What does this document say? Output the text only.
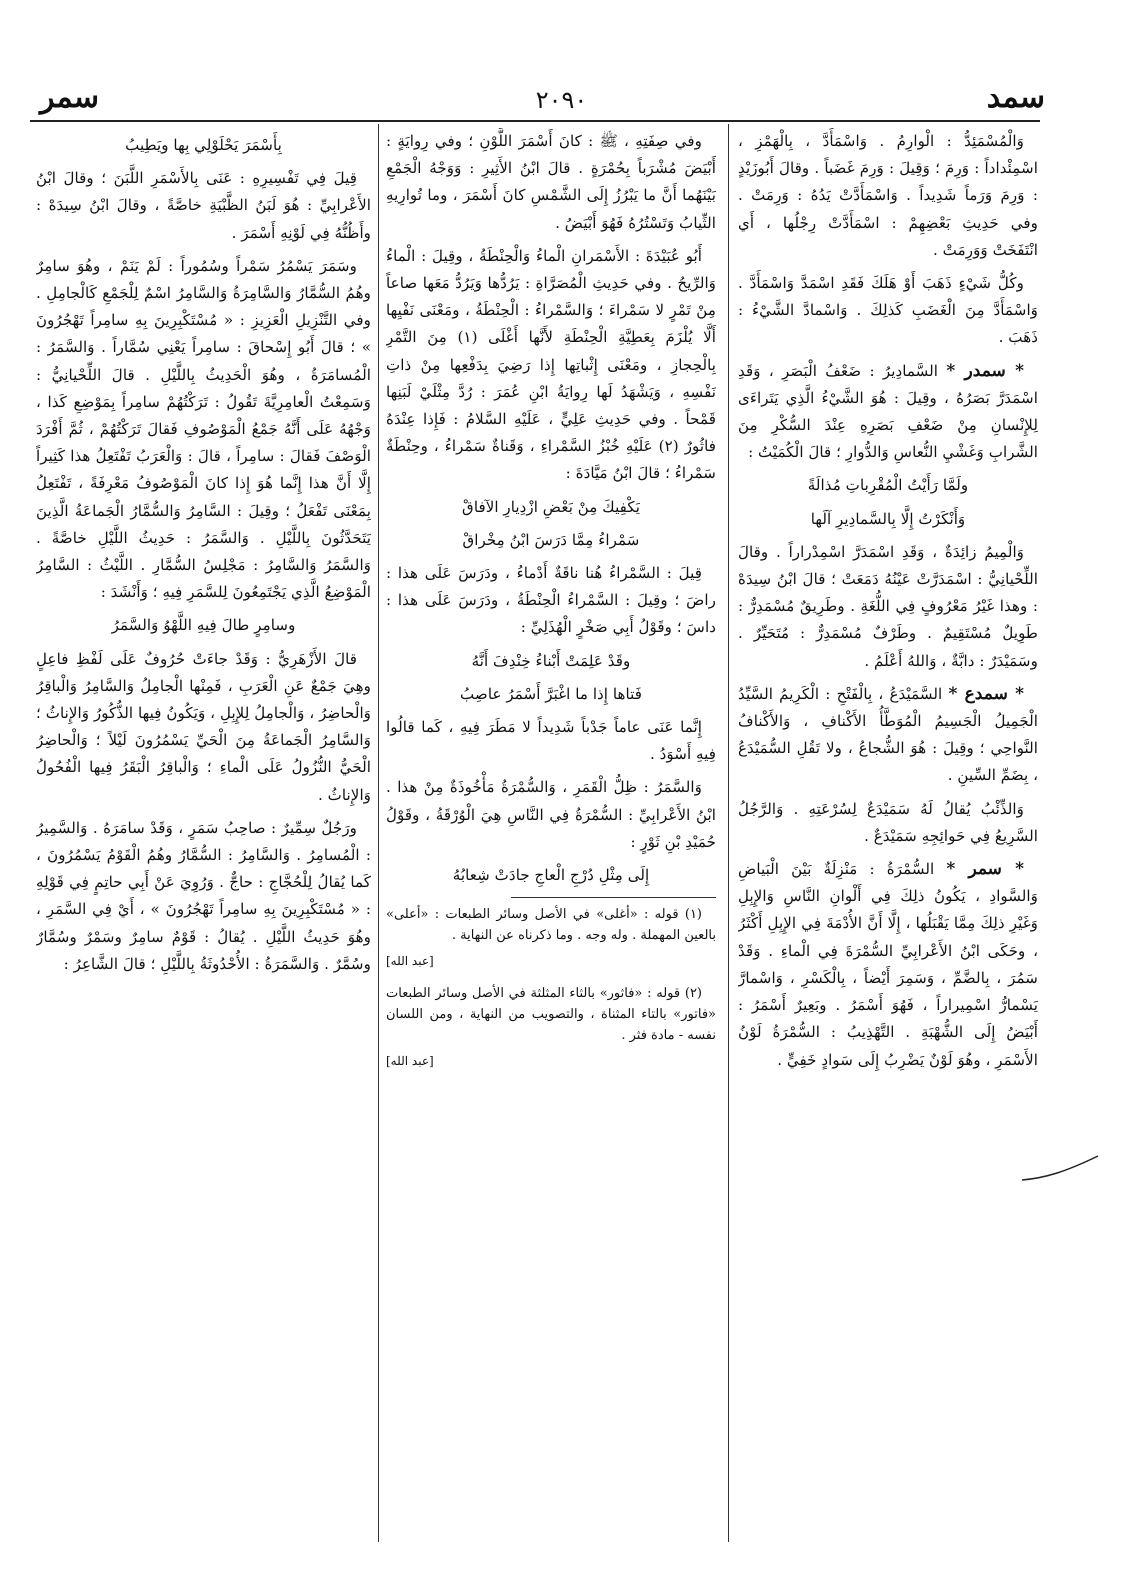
سمد
٢٠٩٠
سمر

وَالْمُسْمَئِدُّ : الْوارِمُ . وَاسْمَأَدَّ ، بِالْهَمْزِ ، اسْمِئْداداً : وَرِمَ ؛ وَقِيلَ : وَرِمَ غَضَباً . وقالَ أَبُوزَيْدٍ : وَرِمَ وَرَماً شَدِيداً . وَاسْمَأَدَّتْ يَدُهُ : وَرِمَتْ . وفي حَدِيثِ بَعْضِهِمْ : اسْمَأَدَّتْ رِجْلُها ، أَي انْتَفَخَتْ وَوَرِمَتْ .

وكُلُّ شَيْءٍ ذَهَبَ أَوْ هَلَكَ فَقَدِ اسْمَدَّ وَاسْمَأَدَّ . وَاسْمَأَدَّ مِنَ الْغَضَبِ كَذلِكَ . وَاسْمادَّ الشَّيْءُ : ذَهَبَ .

* سمدر * السَّمادِيرُ : ضَعْفُ الْبَصَرِ ، وَقَدِ اسْمَدَرَّ بَصَرُهُ ، وقِيلَ : هُوَ الشَّيْءُ الَّذِي يَتَراءَى لِلإِنْسانِ مِنْ ضَعْفِ بَصَرِهِ عِنْدَ السُّكْرِ مِنَ الشَّرابِ وَغَشْيِ النُّعاسِ وَالدُّوارِ ؛ قالَ الْكُمَيْتُ :

ولَمَّا رَأَيْتُ الْمُقْرِباتِ مُذالَةً

وَأَنْكَرْتُ إِلَّا بِالسَّمادِيرِ آلَها

وَالْمِيمُ زائِدَةٌ ، وَقَدِ اسْمَدَرَّ اسْمِدْراراً . وقالَ اللِّحْيانِيُّ : اسْمَدَرَّتْ عَيْنُهُ دَمَعَتْ ؛ قالَ ابْنُ سِيدَهْ : وهذا غَيْرُ مَعْرُوفٍ فِي اللُّغَةِ . وطَرِيقٌ مُسْمَدِرٌّ : طَوِيلٌ مُسْتَقِيمٌ . وطَرْفٌ مُسْمَدِرٌّ : مُتَحَيِّرٌ . وسَمَيْدَرٌ : دابَّةٌ ، وَاللهُ أَعْلَمُ .

* سمدع * السَّمَيْدَعُ ، بِالْفَتْحِ : الْكَرِيمُ السَّيِّدُ الْجَمِيلُ الْجَسِيمُ الْمُوَطَّأُ الأَكْنافِ ، وَالأَكْنافُ النَّواحِي ؛ وقِيلَ : هُوَ الشُّجاعُ ، ولا تَقُلِ السُّمَيْدَعُ ، بِضَمِّ السِّينِ .

وَالذِّئْبُ يُقالُ لَهُ سَمَيْدَعٌ لِسُرْعَتِهِ . وَالرَّجُلُ السَّرِيعُ فِي حَوائِجِهِ سَمَيْدَعٌ .

* سمر * السُّمْرَةُ : مَنْزِلَةٌ بَيْنَ الْبَياضِ وَالسَّوادِ ، يَكُونُ ذلِكَ فِي أَلْوانِ النَّاسِ وَالإِبِلِ وَغَيْرِ ذلِكَ مِمَّا يَقْبَلُها ، إِلَّا أَنَّ الأُدْمَةَ فِي الإِبِلِ أَكْثَرُ ، وحَكَى ابْنُ الأَعْرابِيِّ السُّمْرَةَ فِي الْماءِ . وَقَدْ سَمُرَ ، بِالضَّمِّ ، وَسَمِرَ أَيْضاً ، بِالْكَسْرِ ، وَاسْمارَّ يَسْمارُّ اسْمِيراراً ، فَهُوَ أَسْمَرُ . وبَعِيرٌ أَسْمَرُ : أَبْيَضُ إِلَى الشُّهْبَةِ . التَّهْذِيبُ : السُّمْرَةُ لَوْنُ الأَسْمَرِ ، وهُوَ لَوْنٌ يَضْرِبُ إِلَى سَوادٍ خَفِيٍّ .

وفي صِفَتِهِ ، ﷺ : كانَ أَسْمَرَ اللَّوْنِ ؛ وفي رِوايَةٍ : أَبْيَضَ مُشْرَباً بِحُمْرَةٍ . قالَ ابْنُ الأَثِيرِ : وَوَجْهُ الْجَمْعِ بَيْنَهُما أَنَّ ما يَبْرُزُ إِلَى الشَّمْسِ كانَ أَسْمَرَ ، وما تُوارِيهِ الثِّيابُ وَتَسْتُرُهُ فَهُوَ أَبْيَضُ .

أَبُو عُبَيْدَةَ : الأَسْمَرانِ الْماءُ وَالْحِنْطَةُ ، وقِيلَ : الْماءُ وَالرِّيحُ . وفي حَدِيثِ الْمُصَرَّاةِ : يَرُدُّها وَيَرُدُّ مَعَها صاعاً مِنْ تَمْرٍ لا سَمْراءَ ؛ وَالسَّمْراءُ : الْحِنْطَةُ ، ومَعْنَى نَفْيِها أَلَّا يُلْزَمَ بِعَطِيَّةِ الْحِنْطَةِ لأَنَّها أَغْلَى (١) مِنَ التَّمْرِ بِالْحِجازِ ، ومَعْنَى إِثْباتِها إِذا رَضِيَ بِدَفْعِها مِنْ ذاتِ نَفْسِهِ ، وَيَشْهَدُ لَها رِوايَةُ ابْنِ عُمَرَ : رُدَّ مِثْلَيْ لَبَنِها قَمْحاً . وفي حَدِيثِ عَلِيٍّ ، عَلَيْهِ السَّلامُ : فَإِذا عِنْدَهُ فاثُورٌ (٢) عَلَيْهِ خُبْزُ السَّمْراءِ ، وَقَناةٌ سَمْراءُ ، وحِنْطَةٌ سَمْراءُ ؛ قالَ ابْنُ مَيَّادَةَ :

يَكْفِيكَ مِنْ بَعْضِ ازْدِيارِ الآفاقْ

سَمْراءُ مِمَّا دَرَسَ ابْنُ مِخْراقْ

قِيلَ : السَّمْراءُ هُنا ناقَةٌ أَدْماءُ ، ودَرَسَ عَلَى هذا : راضَ ؛ وقِيلَ : السَّمْراءُ الْحِنْطَةُ ، ودَرَسَ عَلَى هذا : داسَ ؛ وقَوْلُ أَبِي صَخْرٍ الْهُذَلِيِّ :

وقَدْ عَلِمَتْ أَبْناءُ خِنْدِفَ أَنَّهُ

فَتاها إِذا ما اغْبَرَّ أَسْمَرُ عاصِبُ

إِنَّما عَنَى عاماً جَدْباً شَدِيداً لا مَطَرَ فِيهِ ، كَما قالُوا فِيهِ أَسْوَدُ .

وَالسَّمَرُ : ظِلُّ الْقَمَرِ ، وَالسُّمْرَةُ مَأْخُوذَةٌ مِنْ هذا . ابْنُ الأَعْرابِيِّ : السُّمْرَةُ فِي النَّاسِ هِيَ الْوُرْقَةُ ، وقَوْلُ حُمَيْدِ بْنِ ثَوْرٍ :

إِلَى مِثْلِ دُرْجِ الْعاجِ جادَتْ شِعابُهُ

(١) قوله : «أغلى» في الأصل وسائر الطبعات : «أعلى» بالعين المهملة . وله وجه . وما ذكرناه عن النهاية .

[عبد الله]

(٢) قوله : «فاثور» بالثاء المثلثة في الأصل وسائر الطبعات «فاتور» بالتاء المثناة ، والتصويب من النهاية ، ومن اللسان نفسه - مادة فثر .

[عبد الله]

بِأَسْمَرَ يَحْلَوْلِي بِها ويَطِيبُ

قِيلَ فِي تَفْسِيرِهِ : عَنَى بِالأَسْمَرِ اللَّبَنَ ؛ وقالَ ابْنُ الأَعْرابِيِّ : هُوَ لَبَنُ الظَّبْيَةِ خاصَّةً ، وقالَ ابْنُ سِيدَهْ : وأَظُنُّهُ فِي لَوْنِهِ أَسْمَرَ .

وسَمَرَ يَسْمُرُ سَمْراً وسُمُوراً : لَمْ يَنَمْ ، وهُوَ سامِرٌ وهُمُ السُّمَّارُ وَالسَّامِرَةُ وَالسَّامِرُ اسْمٌ لِلْجَمْعِ كَالْجامِلِ . وفي التَّنْزِيلِ الْعَزِيزِ : « مُسْتَكْبِرِينَ بِهِ سامِراً تَهْجُرُونَ » ؛ قالَ أَبُو إِسْحاقَ : سامِراً يَعْنِي سُمَّاراً . وَالسَّمَرُ : الْمُسامَرَةُ ، وهُوَ الْحَدِيثُ بِاللَّيْلِ . قالَ اللِّحْيانِيُّ : وَسَمِعْتُ الْعامِرِيَّةَ تَقُولُ : تَرَكْتُهُمْ سامِراً بِمَوْضِعِ كَذا ، وَجْهُهُ عَلَى أَنَّهُ جَمْعُ الْمَوْصُوفِ فَقالَ تَرَكْتُهُمْ ، ثُمَّ أَفْرَدَ الْوَصْفَ فَقالَ : سامِراً ، قالَ : وَالْعَرَبُ تَفْتَعِلُ هذا كَثِيراً إِلَّا أَنَّ هذا إِنَّما هُوَ إِذا كانَ الْمَوْصُوفُ مَعْرِفَةً ، تَفْتَعِلُ بِمَعْنَى تَفْعَلُ ؛ وقِيلَ : السَّامِرُ وَالسُّمَّارُ الْجَماعَةُ الَّذِينَ يَتَحَدَّثُونَ بِاللَّيْلِ . وَالسَّمَرُ : حَدِيثُ اللَّيْلِ خاصَّةً . وَالسَّمَرُ وَالسَّامِرُ : مَجْلِسُ السُّمَّارِ . اللَّيْثُ : السَّامِرُ الْمَوْضِعُ الَّذِي يَجْتَمِعُونَ لِلسَّمَرِ فِيهِ ؛ وَأَنْشَدَ :

وسامِرٍ طالَ فِيهِ اللَّهْوُ وَالسَّمَرُ

قالَ الأَزْهَرِيُّ : وَقَدْ جاءَتْ حُرُوفٌ عَلَى لَفْظِ فاعِلٍ وهِيَ جَمْعٌ عَنِ الْعَرَبِ ، فَمِنْها الْجامِلُ وَالسَّامِرُ وَالْباقِرُ وَالْحاضِرُ ، وَالْجامِلُ لِلإِبِلِ ، وَيَكُونُ فِيها الذُّكُورُ وَالإِناثُ ؛ وَالسَّامِرُ الْجَماعَةُ مِنَ الْحَيِّ يَسْمُرُونَ لَيْلاً ؛ وَالْحاضِرُ الْحَيُّ النُّزُولُ عَلَى الْماءِ ؛ وَالْباقِرُ الْبَقَرُ فِيها الْفُحُولُ وَالإِناثُ .

ورَجُلٌ سِمِّيرٌ : صاحِبُ سَمَرٍ ، وَقَدْ سامَرَهُ . وَالسَّمِيرُ : الْمُسامِرُ . وَالسَّامِرُ : السُّمَّارُ وهُمُ الْقَوْمُ يَسْمُرُونَ ، كَما يُقالُ لِلْحُجَّاجِ : حاجٌّ . وَرُوِيَ عَنْ أَبِي حاتِمٍ فِي قَوْلِهِ : « مُسْتَكْبِرِينَ بِهِ سامِراً تَهْجُرُونَ » ، أَيْ فِي السَّمَرِ ، وهُوَ حَدِيثُ اللَّيْلِ . يُقالُ : قَوْمٌ سامِرٌ وسَمْرٌ وسُمَّارٌ وسُمَّرٌ . وَالسَّمَرَةُ : الأُحْدُوثَةُ بِاللَّيْلِ ؛ قالَ الشَّاعِرُ :
